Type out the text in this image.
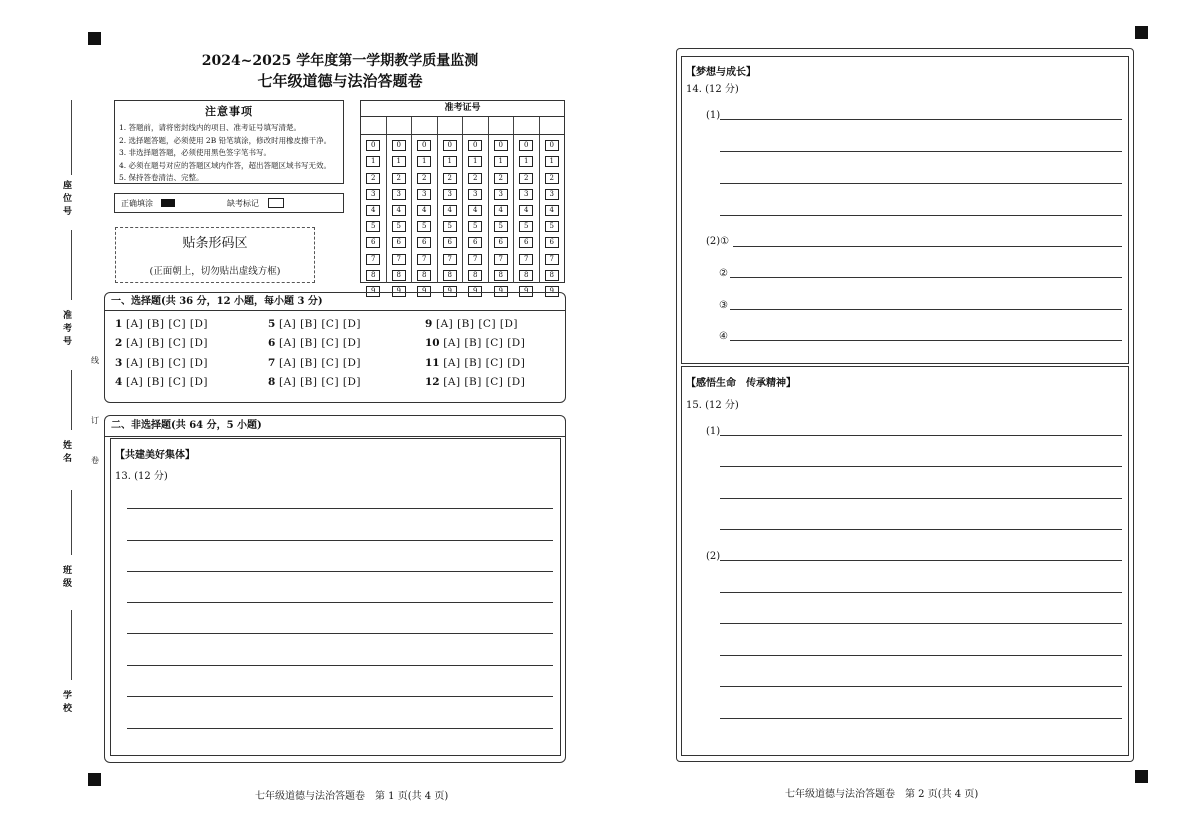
座位号
准考号
姓名
班级
学校
线
订
卷
2024~2025 学年度第一学期教学质量监测
七年级道德与法治答题卷
注意事项
1. 答题前，请将密封线内的项目、准考证号填写清楚。
2. 选择题答题，必须使用 2B 铅笔填涂，修改时用橡皮擦干净。
3. 非选择题答题，必须使用黑色签字笔书写。
4. 必须在题号对应的答题区域内作答，超出答题区域书写无效。
5. 保持答卷清洁、完整。
正确填涂	缺考标记
贴条形码区
(正面朝上，切勿贴出虚线方框)
准考证号
0
1
2
3
4
5
6
7
8
9
0
1
2
3
4
5
6
7
8
9
0
1
2
3
4
5
6
7
8
9
0
1
2
3
4
5
6
7
8
9
0
1
2
3
4
5
6
7
8
9
0
1
2
3
4
5
6
7
8
9
0
1
2
3
4
5
6
7
8
9
0
1
2
3
4
5
6
7
8
9
一、选择题(共 36 分，12 小题，每小题 3 分)
1 [A] [B] [C] [D]
2 [A] [B] [C] [D]
3 [A] [B] [C] [D]
4 [A] [B] [C] [D]
5 [A] [B] [C] [D]
6 [A] [B] [C] [D]
7 [A] [B] [C] [D]
8 [A] [B] [C] [D]
9 [A] [B] [C] [D]
10 [A] [B] [C] [D]
11 [A] [B] [C] [D]
12 [A] [B] [C] [D]
二、非选择题(共 64 分，5 小题)
【共建美好集体】
13. (12 分)
【梦想与成长】
14. (12 分)
(1)
(2)①
②
③
④
【感悟生命　传承精神】
15. (12 分)
(1)
(2)
七年级道德与法治答题卷　第 1 页(共 4 页)	七年级道德与法治答题卷　第 2 页(共 4 页)
